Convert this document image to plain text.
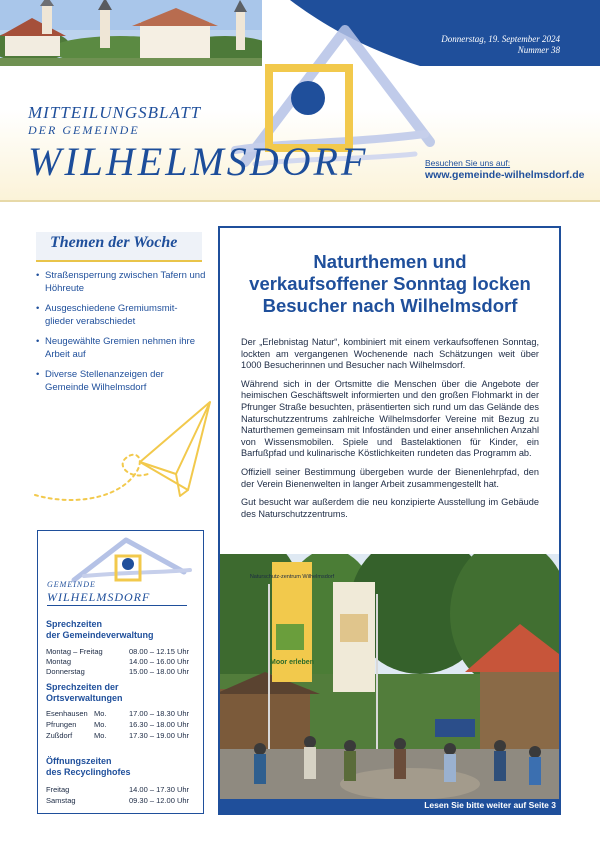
Donnerstag, 19. September 2024
Nummer 38
MITTEILUNGSBLATT
DER GEMEINDE
WILHELMSDORF	Besuchen Sie uns auf:
www.gemeinde-wilhelmsdorf.de
Themen der Woche
• Straßensperrung zwischen Tafern und Höhreute
• Ausgeschiedene Gremiumsmit-glieder verabschiedet
• Neugewählte Gremien nehmen ihre Arbeit auf
• Diverse Stellenanzeigen der Gemeinde Wilhelmsdorf
GEMEINDE
WILHELMSDORF
Sprechzeiten
der Gemeindeverwaltung
Montag – Freitag	08.00 – 12.15 Uhr
Montag	14.00 – 16.00 Uhr
Donnerstag	15.00 – 18.00 Uhr
Sprechzeiten der
Ortsverwaltungen
Esenhausen Mo.	17.00 – 18.30 Uhr
Pfrungen Mo.	16.30 – 18.00 Uhr
Zußdorf	Mo.	17.30 – 19.00 Uhr
Öffnungszeiten
des Recyclinghofes
Freitag	14.00 – 17.30 Uhr
Samstag	09.30 – 12.00 Uhr
Naturthemen und
verkaufsoffener Sonntag locken
Besucher nach Wilhelmsdorf

Der „Erlebnistag Natur“, kombiniert mit einem verkaufsoffenen Sonntag, lockten am vergangenen Wochenende nach Schätzungen weit über 1000 Besucherinnen und Besucher nach Wilhelmsdorf.

Während sich in der Ortsmitte die Menschen über die Angebote der heimischen Geschäftswelt informierten und den großen Flohmarkt in der Pfrunger Straße besuchten, präsentierten sich rund um das Gelände des Naturschutzzentrums zahlreiche Wilhelmsdorfer Vereine mit Bezug zu Naturthemen gemeinsam mit Infoständen und einer ansehnlichen Anzahl von Wissensmobilen. Spiele und Bastelaktionen für Kinder, ein Barfußpfad und kulinarische Köstlichkeiten rundeten das Programm ab.

Offiziell seiner Bestimmung übergeben wurde der Bienenlehrpfad, den der Verein Bienenwelten in langer Arbeit zusammengestellt hat.

Gut besucht war außerdem die neu konzipierte Ausstellung im Gebäude des Naturschutzzentrums.

Naturschutz-zentrum Wilhelmsdorf
Moor erleben
Lesen Sie bitte weiter auf Seite 3
